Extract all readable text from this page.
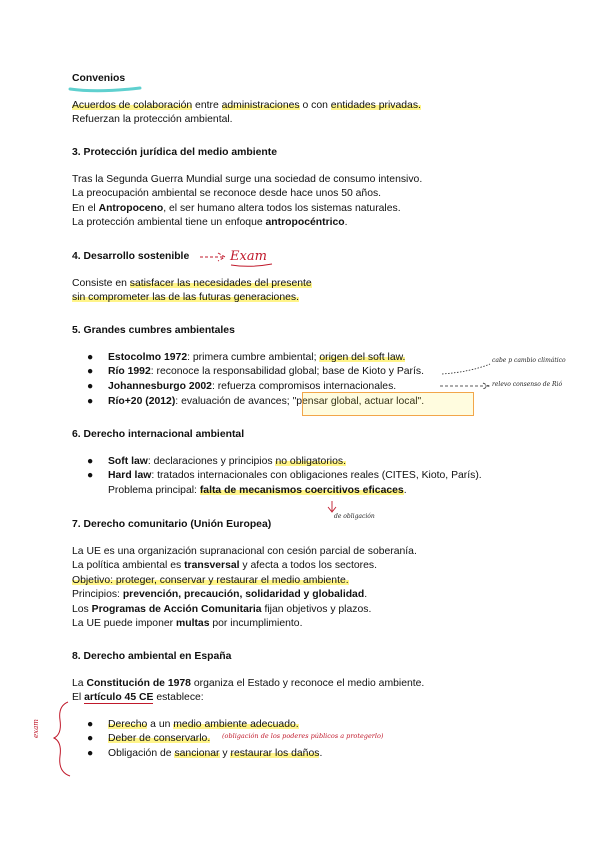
Convenios
Acuerdos de colaboración entre administraciones o con entidades privadas.
Refuerzan la protección ambiental.
3. Protección jurídica del medio ambiente
Tras la Segunda Guerra Mundial surge una sociedad de consumo intensivo.
La preocupación ambiental se reconoce desde hace unos 50 años.
En el Antropoceno, el ser humano altera todos los sistemas naturales.
La protección ambiental tiene un enfoque antropocéntrico.
4. Desarrollo sostenible	Exam
Consiste en satisfacer las necesidades del presente
sin comprometer las de las futuras generaciones.
5. Grandes cumbres ambientales
● Estocolmo 1972: primera cumbre ambiental; origen del soft law.
● Río 1992: reconoce la responsabilidad global; base de Kioto y París.
● Johannesburgo 2002: refuerza compromisos internacionales.
● Río+20 (2012): evaluación de avances; "pensar global, actuar local".
cabe p cambio climático
relevo consenso de Rió
6. Derecho internacional ambiental
● Soft law: declaraciones y principios no obligatorios.
● Hard law: tratados internacionales con obligaciones reales (CITES, Kioto, París).
Problema principal: falta de mecanismos coercitivos eficaces.
7. Derecho comunitario (Unión Europea)
de obligación
La UE es una organización supranacional con cesión parcial de soberanía.
La política ambiental es transversal y afecta a todos los sectores.
Objetivo: proteger, conservar y restaurar el medio ambiente.
Principios: prevención, precaución, solidaridad y globalidad.
Los Programas de Acción Comunitaria fijan objetivos y plazos.
La UE puede imponer multas por incumplimiento.
8. Derecho ambiental en España
La Constitución de 1978 organiza el Estado y reconoce el medio ambiente.
El artículo 45 CE establece:
● Derecho a un medio ambiente adecuado.
● Deber de conservarlo. (obligación de los poderes públicos a protegerlo)
● Obligación de sancionar y restaurar los daños.
exam
